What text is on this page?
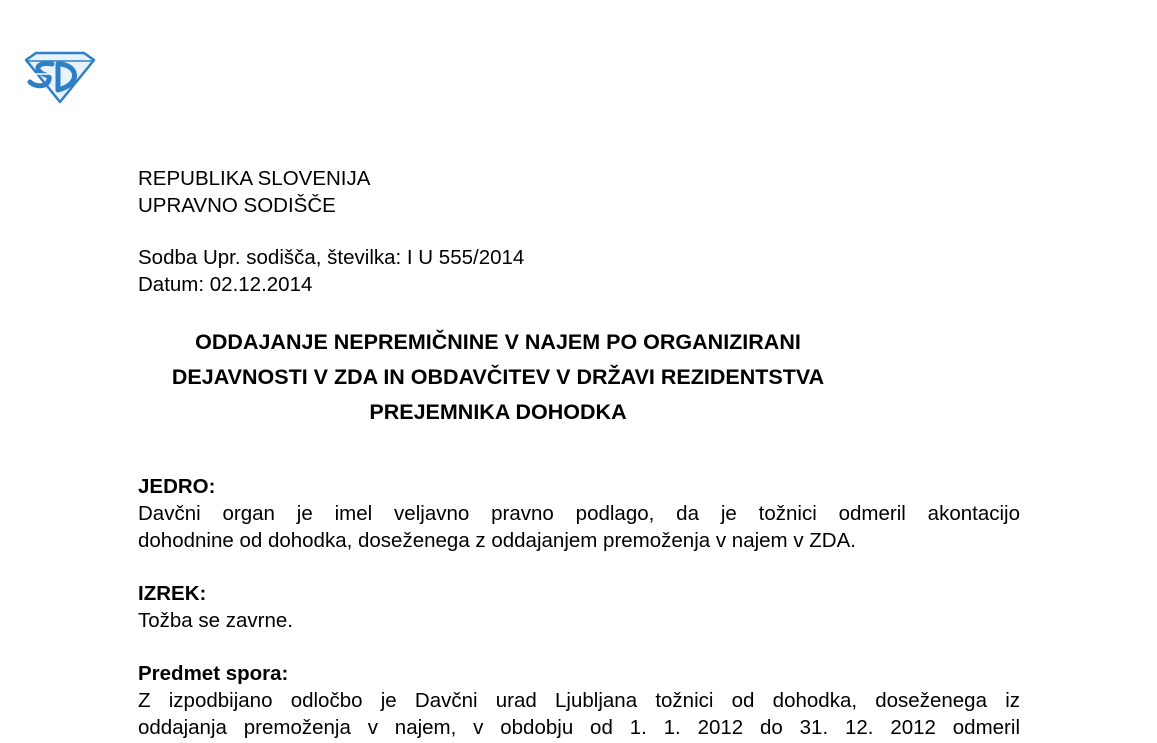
REPUBLIKA SLOVENIJA
UPRAVNO SODIŠČE
Sodba Upr. sodišča, številka: I U 555/2014
Datum: 02.12.2014
ODDAJANJE NEPREMIČNINE V NAJEM PO ORGANIZIRANI
DEJAVNOSTI V ZDA IN OBDAVČITEV V DRŽAVI REZIDENTSTVA
PREJEMNIKA DOHODKA
JEDRO:
Davčni organ je imel veljavno pravno podlago, da je tožnici odmeril akontacijo
dohodnine od dohodka, doseženega z oddajanjem premoženja v najem v ZDA.
IZREK:
Tožba se zavrne.
Predmet spora:
Z izpodbijano odločbo je Davčni urad Ljubljana tožnici od dohodka, doseženega iz
oddajanja premoženja v najem, v obdobju od 1. 1. 2012 do 31. 12. 2012 odmeril
